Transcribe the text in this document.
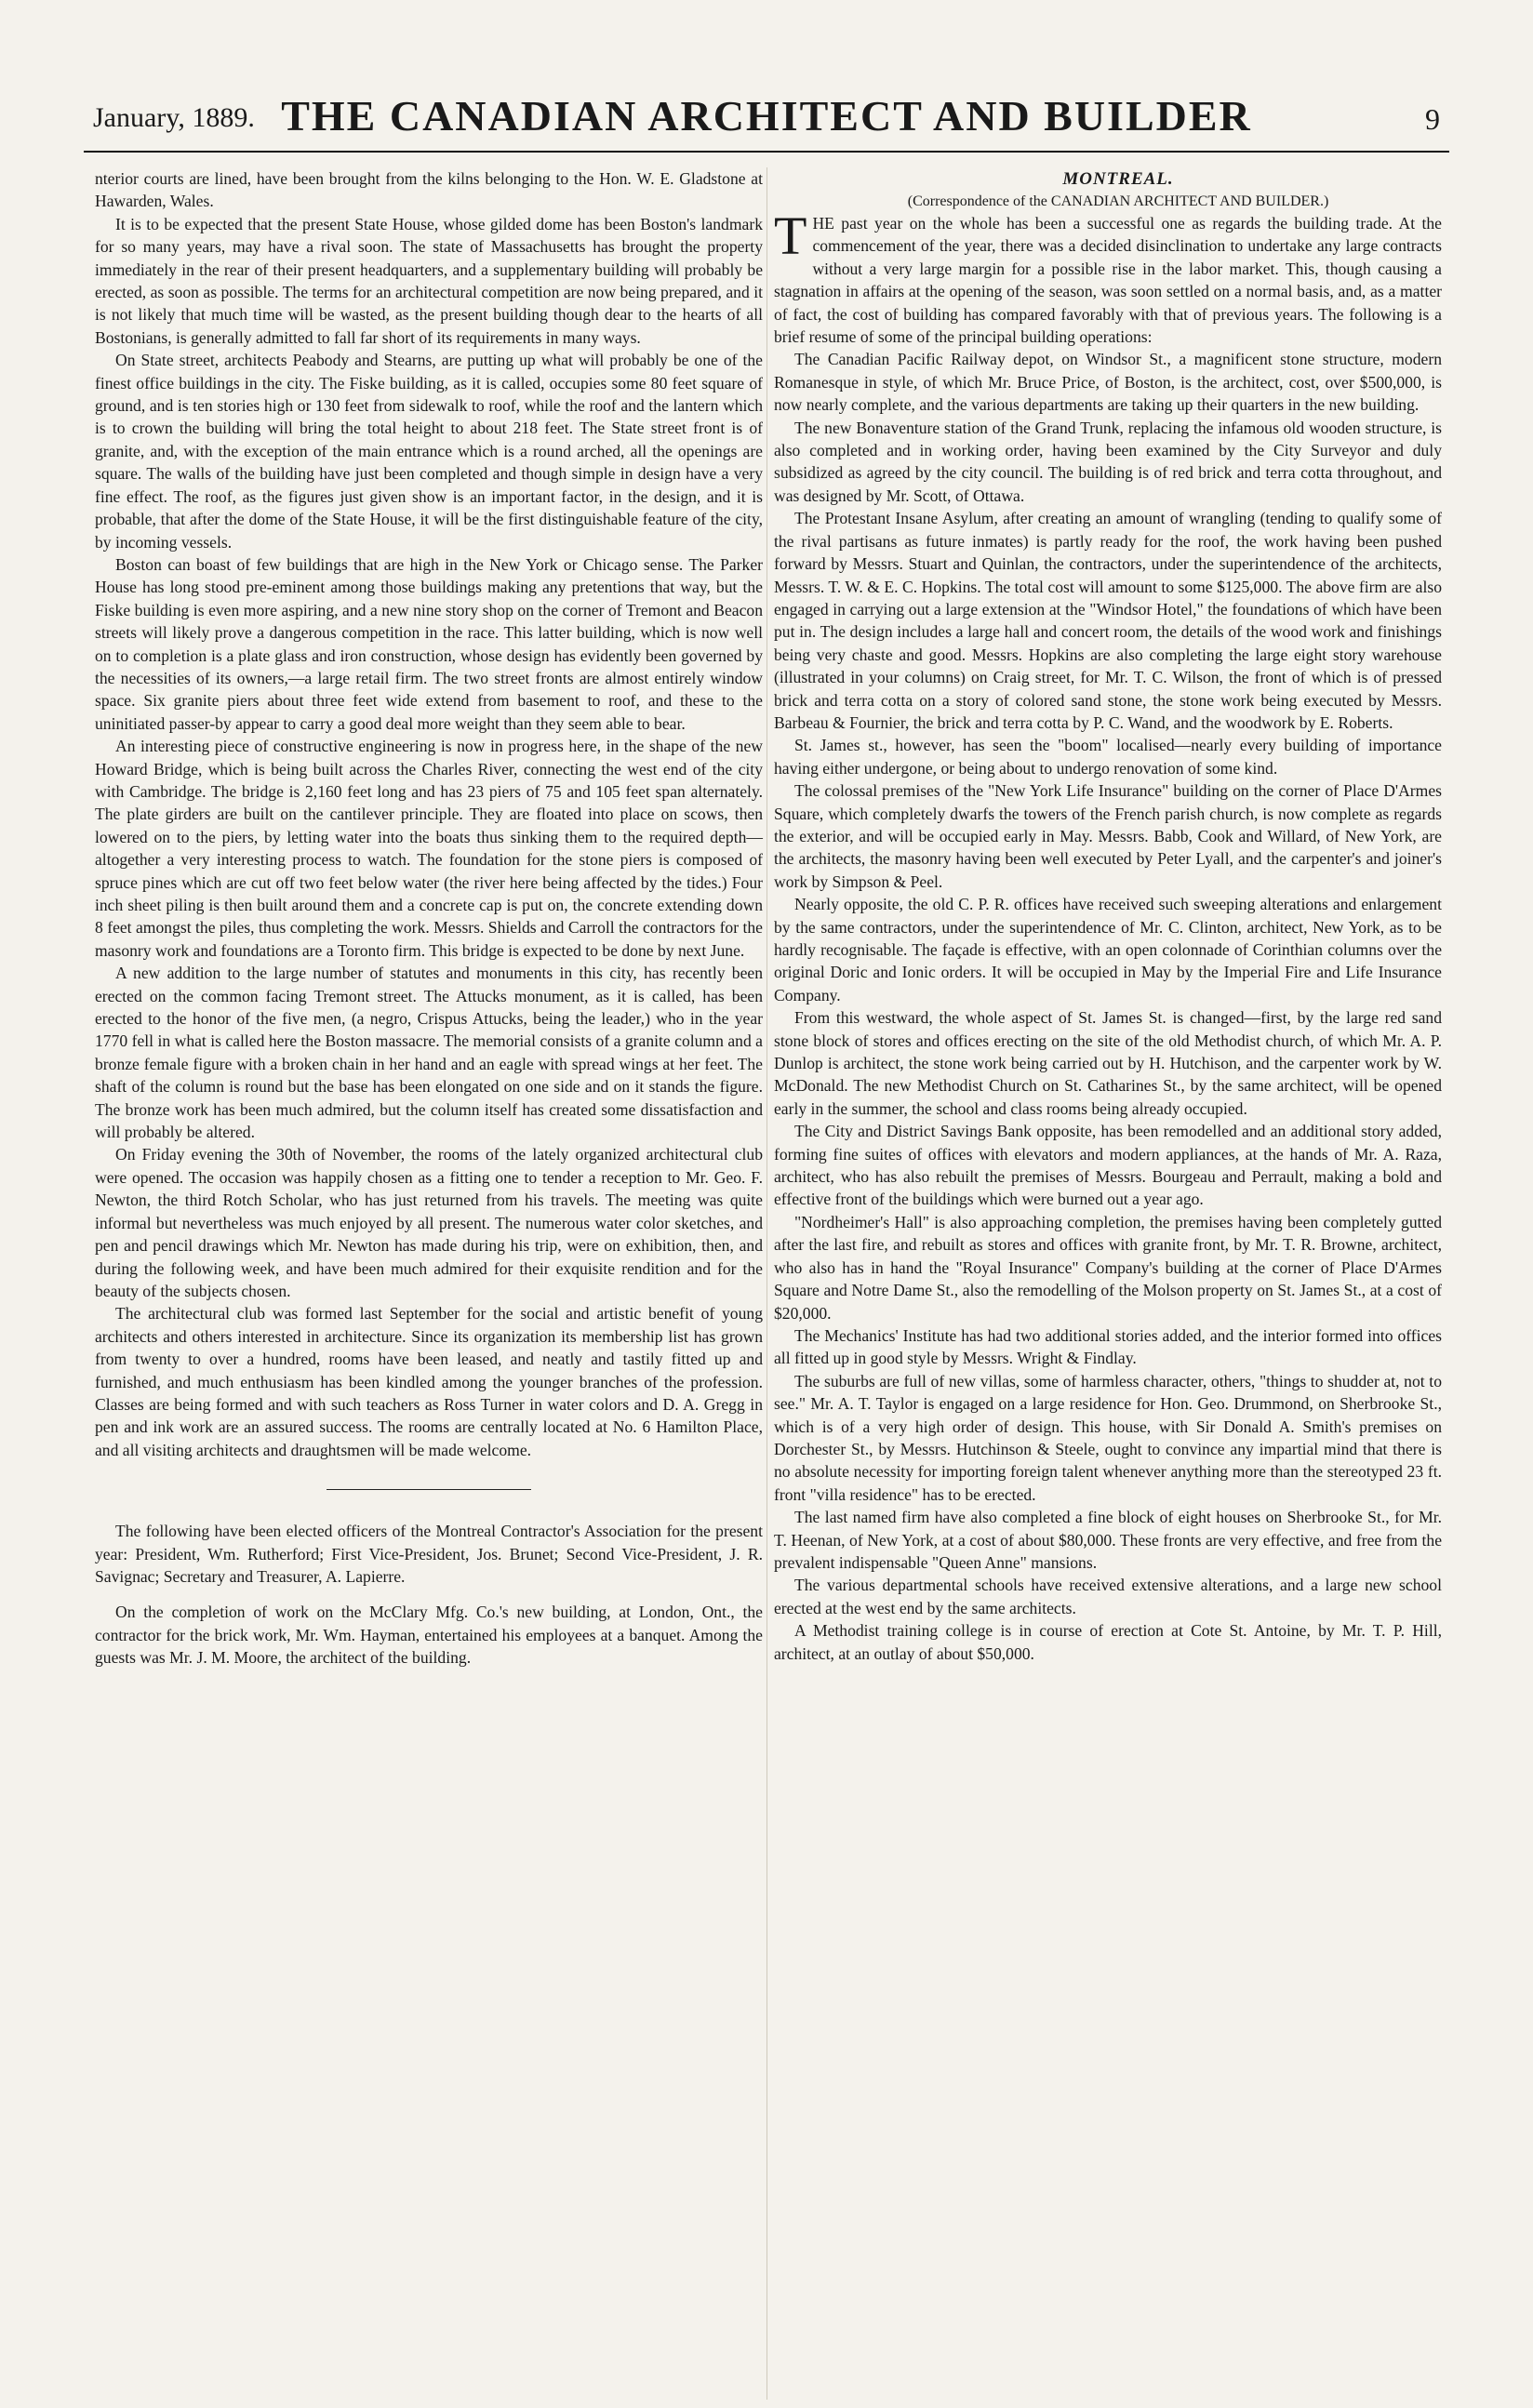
January, 1889. THE CANADIAN ARCHITECT AND BUILDER	9

nterior courts are lined, have been brought from the kilns belonging to the Hon. W. E. Gladstone at Hawarden, Wales.

It is to be expected that the present State House, whose gilded dome has been Boston's landmark for so many years, may have a rival soon. The state of Massachusetts has brought the property immediately in the rear of their present headquarters, and a supplementary building will probably be erected, as soon as possible. The terms for an architectural competition are now being prepared, and it is not likely that much time will be wasted, as the present building though dear to the hearts of all Bostonians, is generally admitted to fall far short of its requirements in many ways.

On State street, architects Peabody and Stearns, are putting up what will probably be one of the finest office buildings in the city. The Fiske building, as it is called, occupies some 80 feet square of ground, and is ten stories high or 130 feet from sidewalk to roof, while the roof and the lantern which is to crown the building will bring the total height to about 218 feet. The State street front is of granite, and, with the exception of the main entrance which is a round arched, all the openings are square. The walls of the building have just been completed and though simple in design have a very fine effect. The roof, as the figures just given show is an important factor, in the design, and it is probable, that after the dome of the State House, it will be the first distinguishable feature of the city, by incoming vessels.

Boston can boast of few buildings that are high in the New York or Chicago sense. The Parker House has long stood pre-eminent among those buildings making any pretentions that way, but the Fiske building is even more aspiring, and a new nine story shop on the corner of Tremont and Beacon streets will likely prove a dangerous competition in the race. This latter building, which is now well on to completion is a plate glass and iron construction, whose design has evidently been governed by the necessities of its owners,—a large retail firm. The two street fronts are almost entirely window space. Six granite piers about three feet wide extend from basement to roof, and these to the uninitiated passer-by appear to carry a good deal more weight than they seem able to bear.

An interesting piece of constructive engineering is now in progress here, in the shape of the new Howard Bridge, which is being built across the Charles River, connecting the west end of the city with Cambridge. The bridge is 2,160 feet long and has 23 piers of 75 and 105 feet span alternately. The plate girders are built on the cantilever principle. They are floated into place on scows, then lowered on to the piers, by letting water into the boats thus sinking them to the required depth—altogether a very interesting process to watch. The foundation for the stone piers is composed of spruce pines which are cut off two feet below water (the river here being affected by the tides.) Four inch sheet piling is then built around them and a concrete cap is put on, the concrete extending down 8 feet amongst the piles, thus completing the work. Messrs. Shields and Carroll the contractors for the masonry work and foundations are a Toronto firm. This bridge is expected to be done by next June.

A new addition to the large number of statutes and monuments in this city, has recently been erected on the common facing Tremont street. The Attucks monument, as it is called, has been erected to the honor of the five men, (a negro, Crispus Attucks, being the leader,) who in the year 1770 fell in what is called here the Boston massacre. The memorial consists of a granite column and a bronze female figure with a broken chain in her hand and an eagle with spread wings at her feet. The shaft of the column is round but the base has been elongated on one side and on it stands the figure. The bronze work has been much admired, but the column itself has created some dissatisfaction and will probably be altered.

On Friday evening the 30th of November, the rooms of the lately organized architectural club were opened. The occasion was happily chosen as a fitting one to tender a reception to Mr. Geo. F. Newton, the third Rotch Scholar, who has just returned from his travels. The meeting was quite informal but nevertheless was much enjoyed by all present. The numerous water color sketches, and pen and pencil drawings which Mr. Newton has made during his trip, were on exhibition, then, and during the following week, and have been much admired for their exquisite rendition and for the beauty of the subjects chosen.

The architectural club was formed last September for the social and artistic benefit of young architects and others interested in architecture. Since its organization its membership list has grown from twenty to over a hundred, rooms have been leased, and neatly and tastily fitted up and furnished, and much enthusiasm has been kindled among the younger branches of the profession. Classes are being formed and with such teachers as Ross Turner in water colors and D. A. Gregg in pen and ink work are an assured success. The rooms are centrally located at No. 6 Hamilton Place, and all visiting architects and draughtsmen will be made welcome.

The following have been elected officers of the Montreal Contractor's Association for the present year: President, Wm. Rutherford; First Vice-President, Jos. Brunet; Second Vice-President, J. R. Savignac; Secretary and Treasurer, A. Lapierre.

On the completion of work on the McClary Mfg. Co.'s new building, at London, Ont., the contractor for the brick work, Mr. Wm. Hayman, entertained his employees at a banquet. Among the guests was Mr. J. M. Moore, the architect of the building.

MONTREAL.

(Correspondence of the CANADIAN ARCHITECT AND BUILDER.)

THE past year on the whole has been a successful one as regards the building trade. At the commencement of the year, there was a decided disinclination to undertake any large contracts without a very large margin for a possible rise in the labor market. This, though causing a stagnation in affairs at the opening of the season, was soon settled on a normal basis, and, as a matter of fact, the cost of building has compared favorably with that of previous years. The following is a brief resume of some of the principal building operations:

The Canadian Pacific Railway depot, on Windsor St., a magnificent stone structure, modern Romanesque in style, of which Mr. Bruce Price, of Boston, is the architect, cost, over $500,000, is now nearly complete, and the various departments are taking up their quarters in the new building.

The new Bonaventure station of the Grand Trunk, replacing the infamous old wooden structure, is also completed and in working order, having been examined by the City Surveyor and duly subsidized as agreed by the city council. The building is of red brick and terra cotta throughout, and was designed by Mr. Scott, of Ottawa.

The Protestant Insane Asylum, after creating an amount of wrangling (tending to qualify some of the rival partisans as future inmates) is partly ready for the roof, the work having been pushed forward by Messrs. Stuart and Quinlan, the contractors, under the superintendence of the architects, Messrs. T. W. & E. C. Hopkins. The total cost will amount to some $125,000. The above firm are also engaged in carrying out a large extension at the "Windsor Hotel," the foundations of which have been put in. The design includes a large hall and concert room, the details of the wood work and finishings being very chaste and good. Messrs. Hopkins are also completing the large eight story warehouse (illustrated in your columns) on Craig street, for Mr. T. C. Wilson, the front of which is of pressed brick and terra cotta on a story of colored sand stone, the stone work being executed by Messrs. Barbeau & Fournier, the brick and terra cotta by P. C. Wand, and the woodwork by E. Roberts.

St. James st., however, has seen the "boom" localised—nearly every building of importance having either undergone, or being about to undergo renovation of some kind.

The colossal premises of the "New York Life Insurance" building on the corner of Place D'Armes Square, which completely dwarfs the towers of the French parish church, is now complete as regards the exterior, and will be occupied early in May. Messrs. Babb, Cook and Willard, of New York, are the architects, the masonry having been well executed by Peter Lyall, and the carpenter's and joiner's work by Simpson & Peel.

Nearly opposite, the old C. P. R. offices have received such sweeping alterations and enlargement by the same contractors, under the superintendence of Mr. C. Clinton, architect, New York, as to be hardly recognisable. The façade is effective, with an open colonnade of Corinthian columns over the original Doric and Ionic orders. It will be occupied in May by the Imperial Fire and Life Insurance Company.

From this westward, the whole aspect of St. James St. is changed—first, by the large red sand stone block of stores and offices erecting on the site of the old Methodist church, of which Mr. A. P. Dunlop is architect, the stone work being carried out by H. Hutchison, and the carpenter work by W. McDonald. The new Methodist Church on St. Catharines St., by the same architect, will be opened early in the summer, the school and class rooms being already occupied.

The City and District Savings Bank opposite, has been remodelled and an additional story added, forming fine suites of offices with elevators and modern appliances, at the hands of Mr. A. Raza, architect, who has also rebuilt the premises of Messrs. Bourgeau and Perrault, making a bold and effective front of the buildings which were burned out a year ago.

"Nordheimer's Hall" is also approaching completion, the premises having been completely gutted after the last fire, and rebuilt as stores and offices with granite front, by Mr. T. R. Browne, architect, who also has in hand the "Royal Insurance" Company's building at the corner of Place D'Armes Square and Notre Dame St., also the remodelling of the Molson property on St. James St., at a cost of $20,000.

The Mechanics' Institute has had two additional stories added, and the interior formed into offices all fitted up in good style by Messrs. Wright & Findlay.

The suburbs are full of new villas, some of harmless character, others, "things to shudder at, not to see." Mr. A. T. Taylor is engaged on a large residence for Hon. Geo. Drummond, on Sherbrooke St., which is of a very high order of design. This house, with Sir Donald A. Smith's premises on Dorchester St., by Messrs. Hutchinson & Steele, ought to convince any impartial mind that there is no absolute necessity for importing foreign talent whenever anything more than the stereotyped 23 ft. front "villa residence" has to be erected.

The last named firm have also completed a fine block of eight houses on Sherbrooke St., for Mr. T. Heenan, of New York, at a cost of about $80,000. These fronts are very effective, and free from the prevalent indispensable "Queen Anne" mansions.

The various departmental schools have received extensive alterations, and a large new school erected at the west end by the same architects.

A Methodist training college is in course of erection at Cote St. Antoine, by Mr. T. P. Hill, architect, at an outlay of about $50,000.
